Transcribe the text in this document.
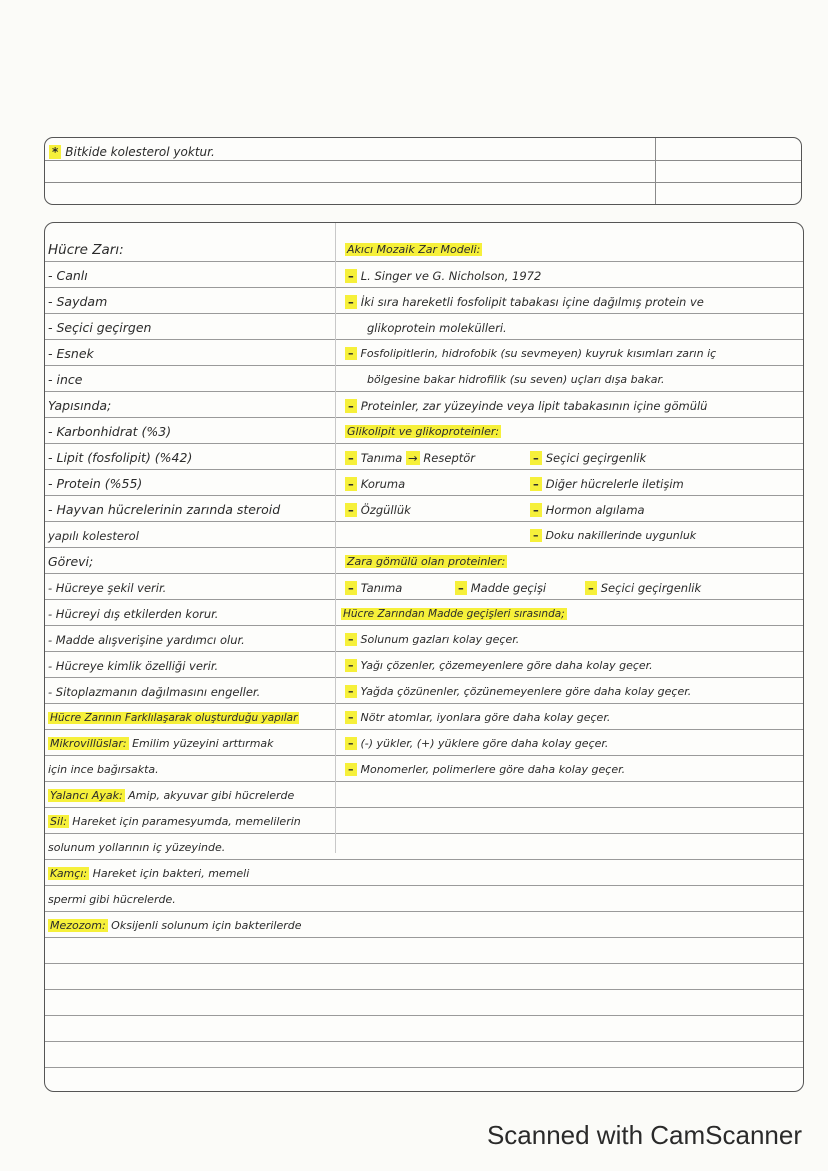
* Bitkide kolesterol yoktur.
Hücre Zarı:
- Canlı
- Saydam
- Seçici geçirgen
- Esnek
- ince
Yapısında;
- Karbonhidrat (%3)
- Lipit (fosfolipit) (%42)
- Protein (%55)
- Hayvan hücrelerinin zarında steroid
yapılı kolesterol
Görevi;
- Hücreye şekil verir.
- Hücreyi dış etkilerden korur.
- Madde alışverişine yardımcı olur.
- Hücreye kimlik özelliği verir.
- Sitoplazmanın dağılmasını engeller.
Hücre Zarının Farklılaşarak oluşturduğu yapılar
Mikrovillüslar: Emilim yüzeyini arttırmak
için ince bağırsakta.
Yalancı Ayak: Amip, akyuvar gibi hücrelerde
Sil: Hareket için paramesyumda, memelilerin
solunum yollarının iç yüzeyinde.
Kamçı: Hareket için bakteri, memeli
spermi gibi hücrelerde.
Mezozom: Oksijenli solunum için bakterilerde
Akıcı Mozaik Zar Modeli:
– L. Singer ve G. Nicholson, 1972
– İki sıra hareketli fosfolipit tabakası içine dağılmış protein ve
glikoprotein molekülleri.
– Fosfolipitlerin, hidrofobik (su sevmeyen) kuyruk kısımları zarın iç
bölgesine bakar hidrofilik (su seven) uçları dışa bakar.
– Proteinler, zar yüzeyinde veya lipit tabakasının içine gömülü
Glikolipit ve glikoproteinler:
– Tanıma → Reseptör
– Koruma
– Özgüllük
– Seçici geçirgenlik
– Diğer hücrelerle iletişim
– Hormon algılama
– Doku nakillerinde uygunluk
Zara gömülü olan proteinler:
– Tanıma	– Madde geçişi	– Seçici geçirgenlik
Hücre Zarından Madde geçişleri sırasında;
– Solunum gazları kolay geçer.
– Yağı çözenler, çözemeyenlere göre daha kolay geçer.
– Yağda çözünenler, çözünemeyenlere göre daha kolay geçer.
– Nötr atomlar, iyonlara göre daha kolay geçer.
– (-) yükler, (+) yüklere göre daha kolay geçer.
– Monomerler, polimerlere göre daha kolay geçer.
Scanned with CamScanner
